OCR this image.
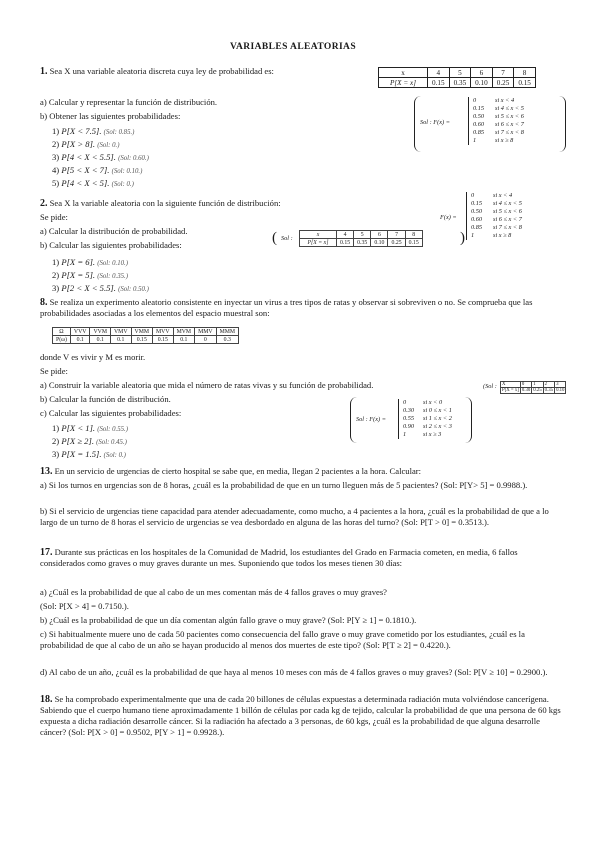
VARIABLES ALEATORIAS
1. Sea X una variable aleatoria discreta cuya ley de probabilidad es:	x	4	5	6	7	8
P[X = x]	0.15	0.35	0.10	0.25	0.15
a) Calcular y representar la función de distribución.
b) Obtener las siguientes probabilidades:
1) P[X < 7.5]. (Sol: 0.85.)
2) P[X > 8]. (Sol: 0.)
3) P[4 < X < 5.5]. (Sol: 0.60.)
4) P[5 < X < 7]. (Sol: 0.10.)
5) P[4 < X < 5]. (Sol: 0.)
Sol : F(x) =
0	si x < 4
0.15 si 4 ≤ x < 5
0.50 si 5 ≤ x < 6
0.60 si 6 ≤ x < 7
0.85 si 7 ≤ x < 8
1	si x ≥ 8
2. Sea X la variable aleatoria con la siguiente función de distribución:
Se pide:
a) Calcular la distribución de probabilidad.
b) Calcular las siguientes probabilidades:	( Sol :
x	4	5	6	7	8
P[X = x]	0.15	0.35	0.10	0.25	0.15	)
F(x) =
0	si x < 4
0.15 si 4 ≤ x < 5
0.50 si 5 ≤ x < 6
0.60 si 6 ≤ x < 7
0.85 si 7 ≤ x < 8
1	si x ≥ 8
1) P[X = 6]. (Sol: 0.10.)
2) P[X = 5]. (Sol: 0.35.)
3) P[2 < X < 5.5]. (Sol: 0.50.)
8. Se realiza un experimento aleatorio consistente en inyectar un virus a tres tipos de ratas y observar si sobreviven o no. Se comprueba que las probabilidades asociadas a los elementos del espacio muestral son:
Ω	VVV	VVM	VMV	VMM	MVV	MVM	MMV	MMM
P(ω)	0.1	0.1	0.1	0.15	0.15	0.1	0	0.3
donde V es vivir y M es morir.
Se pide:
a) Construir la variable aleatoria que mida el número de ratas vivas y su función de probabilidad.	(Sol : X	0	1	2	3
P[X = x]	0.30	0.25	0.35	0.10
b) Calcular la función de distribución.
c) Calcular las siguientes probabilidades:
1) P[X < 1]. (Sol: 0.55.)
2) P[X ≥ 2]. (Sol: 0.45.)
3) P[X = 1.5]. (Sol: 0.)
Sol : F(x) =
0	si x < 0
0.30 si 0 ≤ x < 1
0.55 si 1 ≤ x < 2
0.90 si 2 ≤ x < 3
1	si x ≥ 3
13. En un servicio de urgencias de cierto hospital se sabe que, en media, llegan 2 pacientes a la hora. Calcular:
a) Si los turnos en urgencias son de 8 horas, ¿cuál es la probabilidad de que en un turno lleguen más de 5 pacientes? (Sol: P[Y> 5] = 0.9988.).
b) Si el servicio de urgencias tiene capacidad para atender adecuadamente, como mucho, a 4 pacientes a la hora, ¿cuál es la probabilidad de que a lo largo de un turno de 8 horas el servicio de urgencias se vea desbordado en alguna de las horas del turno? (Sol: P[T > 0] = 0.3513.).
17. Durante sus prácticas en los hospitales de la Comunidad de Madrid, los estudiantes del Grado en Farmacia cometen, en media, 6 fallos considerados como graves o muy graves durante un mes. Suponiendo que todos los meses tienen 30 días:
a) ¿Cuál es la probabilidad de que al cabo de un mes comentan más de 4 fallos graves o muy graves?
(Sol: P[X > 4] = 0.7150.).
b) ¿Cuál es la probabilidad de que un día comentan algún fallo grave o muy grave? (Sol: P[Y ≥ 1] = 0.1810.).
c) Si habitualmente muere uno de cada 50 pacientes como consecuencia del fallo grave o muy grave cometido por los estudiantes, ¿cuál es la probabilidad de que al cabo de un año se hayan producido al menos dos muertes de este tipo? (Sol: P[T ≥ 2] = 0.4220.).
d) Al cabo de un año, ¿cuál es la probabilidad de que haya al menos 10 meses con más de 4 fallos graves o muy graves? (Sol: P[V ≥ 10] = 0.2900.).
18. Se ha comprobado experimentalmente que una de cada 20 billones de células expuestas a determinada radiación muta volviéndose cancerígena. Sabiendo que el cuerpo humano tiene aproximadamente 1 billón de células por cada kg de tejido, calcular la probabilidad de que una persona de 60 kgs expuesta a dicha radiación desarrolle cáncer. Si la radiación ha afectado a 3 personas, de 60 kgs, ¿cuál es la probabilidad de que alguna desarrolle cáncer? (Sol: P[X > 0] = 0.9502, P[Y > 1] = 0.9928.).
